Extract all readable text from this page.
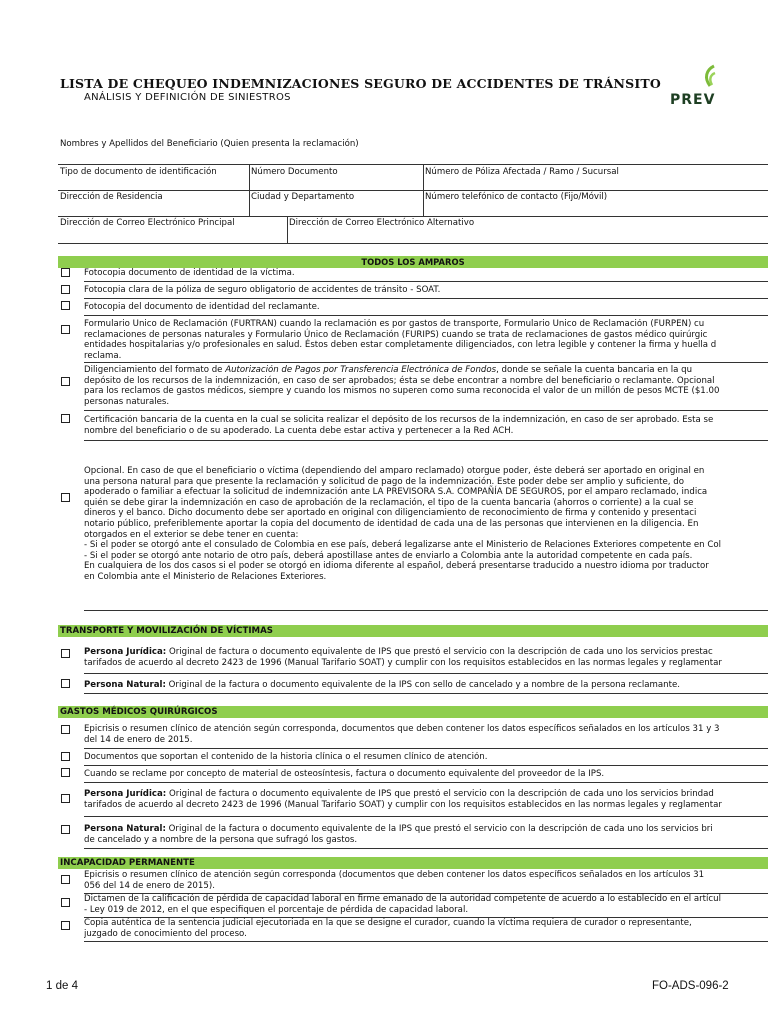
LISTA DE CHEQUEO INDEMNIZACIONES SEGURO DE ACCIDENTES DE TRÁNSITO
ANÁLISIS Y DEFINICIÓN DE SINIESTROS	PREV
Nombres y Apellidos del Beneficiario (Quien presenta la reclamación)
Tipo de documento de identificación	Número Documento	Número de Póliza Afectada / Ramo / Sucursal
Dirección de Residencia	Ciudad y Departamento	Número telefónico de contacto (Fijo/Móvil)
Dirección de Correo Electrónico Principal	Dirección de Correo Electrónico Alternativo
TODOS LOS AMPAROS
Fotocopia documento de identidad de la víctima.
Fotocopia clara de la póliza de seguro obligatorio de accidentes de tránsito - SOAT.
Fotocopia del documento de identidad del reclamante.
Formulario Único de Reclamación (FURTRAN) cuando la reclamación es por gastos de transporte, Formulario Único de Reclamación (FURPEN) cu
reclamaciones de personas naturales y Formulario Único de Reclamación (FURIPS) cuando se trata de reclamaciones de gastos médico quirúrgic
entidades hospitalarias y/o profesionales en salud. Éstos deben estar completamente diligenciados, con letra legible y contener la firma y huella d
reclama.
Diligenciamiento del formato de Autorización de Pagos por Transferencia Electrónica de Fondos, donde se señale la cuenta bancaria en la qu
depósito de los recursos de la indemnización, en caso de ser aprobados; ésta se debe encontrar a nombre del beneficiario o reclamante. Opcional
para los reclamos de gastos médicos, siempre y cuando los mismos no superen como suma reconocida el valor de un millón de pesos MCTE ($1.00
personas naturales.
Certificación bancaria de la cuenta en la cual se solicita realizar el depósito de los recursos de la indemnización, en caso de ser aprobado. Ésta se
nombre del beneficiario o de su apoderado. La cuenta debe estar activa y pertenecer a la Red ACH.
Opcional. En caso de que el beneficiario o víctima (dependiendo del amparo reclamado) otorgue poder, éste deberá ser aportado en original en
una persona natural para que presente la reclamación y solicitud de pago de la indemnización. Este poder debe ser amplio y suficiente, do
apoderado o familiar a efectuar la solicitud de indemnización ante LA PREVISORA S.A. COMPAÑÍA DE SEGUROS, por el amparo reclamado, indica
quién se debe girar la indemnización en caso de aprobación de la reclamación, el tipo de la cuenta bancaria (ahorros o corriente) a la cual se
dineros y el banco. Dicho documento debe ser aportado en original con diligenciamiento de reconocimiento de firma y contenido y presentaci
notario público, preferiblemente aportar la copia del documento de identidad de cada una de las personas que intervienen en la diligencia. En
otorgados en el exterior se debe tener en cuenta:
- Si el poder se otorgó ante el consulado de Colombia en ese país, deberá legalizarse ante el Ministerio de Relaciones Exteriores competente en Col
- Si el poder se otorgó ante notario de otro país, deberá apostillase antes de enviarlo a Colombia ante la autoridad competente en cada país.
En cualquiera de los dos casos si el poder se otorgó en idioma diferente al español, deberá presentarse traducido a nuestro idioma por traductor
en Colombia ante el Ministerio de Relaciones Exteriores.
TRANSPORTE Y MOVILIZACIÓN DE VÍCTIMAS
Persona Jurídica: Original de factura o documento equivalente de IPS que prestó el servicio con la descripción de cada uno los servicios prestac
tarifados de acuerdo al decreto 2423 de 1996 (Manual Tarifario SOAT) y cumplir con los requisitos establecidos en las normas legales y reglamentar
Persona Natural: Original de la factura o documento equivalente de la IPS con sello de cancelado y a nombre de la persona reclamante.
GASTOS MÉDICOS QUIRÚRGICOS
Epicrisis o resumen clínico de atención según corresponda, documentos que deben contener los datos específicos señalados en los artículos 31 y 3
del 14 de enero de 2015.
Documentos que soportan el contenido de la historia clínica o el resumen clínico de atención.
Cuando se reclame por concepto de material de osteosíntesis, factura o documento equivalente del proveedor de la IPS.
Persona Jurídica: Original de factura o documento equivalente de IPS que prestó el servicio con la descripción de cada uno los servicios brindad
tarifados de acuerdo al decreto 2423 de 1996 (Manual Tarifario SOAT) y cumplir con los requisitos establecidos en las normas legales y reglamentar
Persona Natural: Original de la factura o documento equivalente de la IPS que prestó el servicio con la descripción de cada uno los servicios bri
de cancelado y a nombre de la persona que sufragó los gastos.
INCAPACIDAD PERMANENTE
Epicrisis o resumen clínico de atención según corresponda (documentos que deben contener los datos específicos señalados en los artículos 31
056 del 14 de enero de 2015).
Dictamen de la calificación de pérdida de capacidad laboral en firme emanado de la autoridad competente de acuerdo a lo establecido en el artícul
- Ley 019 de 2012, en el que especifiquen el porcentaje de pérdida de capacidad laboral.
Copia auténtica de la sentencia judicial ejecutoriada en la que se designe el curador, cuando la víctima requiera de curador o representante,
juzgado de conocimiento del proceso.
1 de 4	FO-ADS-096-2
